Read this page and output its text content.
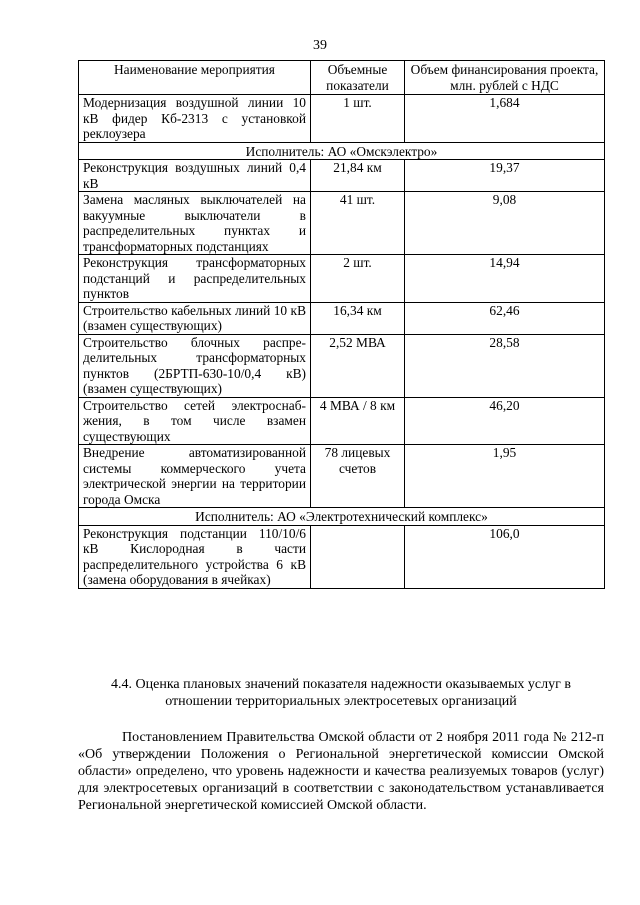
39
Наименование мероприятия	Объемные показатели	Объем финансирования проекта, млн. рублей с НДС
Модернизация воздушной линии 10 кВ фидер Кб-2313 с установкой реклоузера	1 шт.	1,684
Исполнитель: АО «Омскэлектро»		
Реконструкция воздушных линий 0,4 кВ	21,84 км	19,37
Замена масляных выключателей на вакуумные выключатели в распределительных пунктах и трансформаторных подстанциях	41 шт.	9,08
Реконструкция трансформаторных подстанций и распределительных пунктов	2 шт.	14,94
Строительство кабельных линий 10 кВ (взамен существующих)	16,34 км	62,46
Строительство блочных распре-делительных трансформаторных пунктов (2БРТП-630-10/0,4 кВ) (взамен существующих)	2,52 МВА	28,58
Строительство сетей электроснаб-жения, в том числе взамен существующих	4 МВА / 8 км	46,20
Внедрение автоматизированной системы коммерческого учета электрической энергии на территории города Омска	78 лицевых счетов	1,95
Исполнитель: АО «Электротехнический комплекс»		
Реконструкция подстанции 110/10/6 кВ Кислородная в части распределительного устройства 6 кВ (замена оборудования в ячейках)		106,0
4.4. Оценка плановых значений показателя надежности оказываемых услуг в отношении территориальных электросетевых организаций
Постановлением Правительства Омской области от 2 ноября 2011 года № 212-п «Об утверждении Положения о Региональной энергетической комиссии Омской области» определено, что уровень надежности и качества реализуемых товаров (услуг) для электросетевых организаций в соответствии с законодательством устанавливается Региональной энергетической комиссией Омской области.
